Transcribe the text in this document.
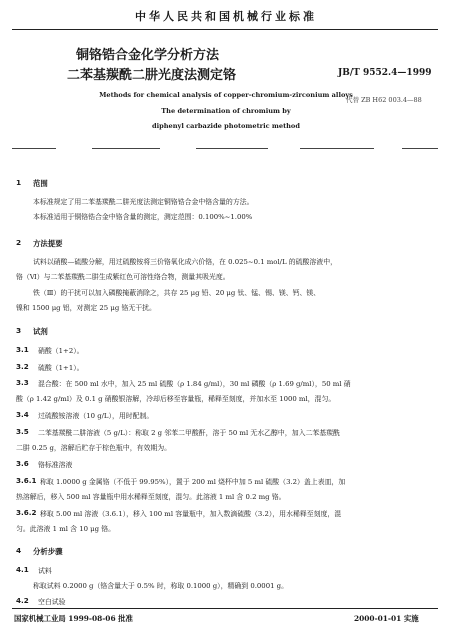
中华人民共和国机械行业标准
铜铬锆合金化学分析方法
二苯基羰酰二肼光度法测定铬	JB/T 9552.4—1999
Methods for chemical analysis of copper-chromium-zirconium alloys
代替 ZB H62 003.4—88
The determination of chromium by
diphenyl carbazide photometric method
1 范围
本标准规定了用二苯基羰酰二肼光度法测定铜铬锆合金中铬含量的方法。
本标准适用于铜铬锆合金中铬含量的测定，测定范围：0.100%~1.00%
2 方法提要
试料以硝酸—硫酸分解，用过硫酸铵将三价铬氧化成六价铬，在 0.025~0.1 mol/L 的硫酸溶液中，
铬（Ⅵ）与二苯基羰酰二肼生成紫红色可溶性络合物，测量其吸光度。
铁（Ⅲ）的干扰可以加入磷酸掩蔽消除之，共存 25 μg 铅、20 μg 钛、锰、锡、镁、钙、镁、
镍和 1500 μg 铝，对测定 25 μg 铬无干扰。
3 试剂
3.1 硝酸（1+2）。
3.2 硫酸（1+1）。
3.3 混合酸：在 500 ml 水中，加入 25 ml 硫酸（ρ 1.84 g/ml），30 ml 磷酸（ρ 1.69 g/ml），50 ml 硝
酸（ρ 1.42 g/ml）及 0.1 g 硝酸银溶解，冷却后移至容量瓶，稀释至刻度，并加水至 1000 ml，混匀。
3.4 过硫酸铵溶液（10 g/L），用时配制。
3.5 二苯基羰酰二肼溶液（5 g/L）：称取 2 g 邻苯二甲酸酐，溶于 50 ml 无水乙醇中，加入二苯基羰酰
二肼 0.25 g，溶解后贮存于棕色瓶中，有效期为。
3.6 铬标准溶液
3.6.1 称取 1.0000 g 金属铬（不低于 99.95%），置于 200 ml 烧杯中加 5 ml 硫酸（3.2）盖上表皿，加
热溶解后，移入 500 ml 容量瓶中用水稀释至刻度，混匀。此溶液 1 ml 含 0.2 mg 铬。
3.6.2 移取 5.00 ml 溶液（3.6.1），移入 100 ml 容量瓶中，加入数滴硫酸（3.2），用水稀释至刻度，混
匀。此溶液 1 ml 含 10 μg 铬。
4 分析步骤
4.1 试料
称取试料 0.2000 g（铬含量大于 0.5% 时，称取 0.1000 g），精确到 0.0001 g。
4.2 空白试验
国家机械工业局 1999-08-06 批准	2000-01-01 实施
